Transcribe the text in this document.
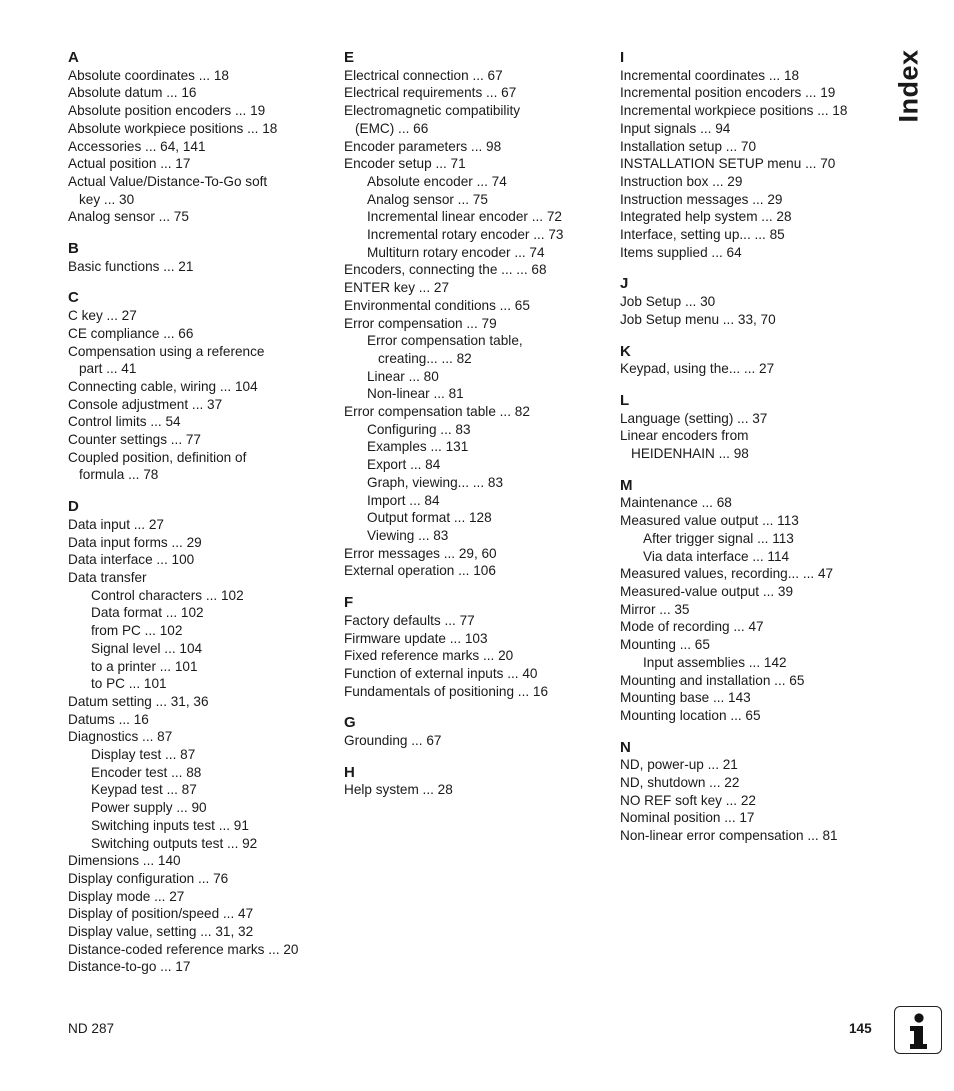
A
Absolute coordinates ... 18
Absolute datum ... 16
Absolute position encoders ... 19
Absolute workpiece positions ... 18
Accessories ... 64, 141
Actual position ... 17
Actual Value/Distance-To-Go soft
key ... 30
Analog sensor ... 75
B
Basic functions ... 21
C
C key ... 27
CE compliance ... 66
Compensation using a reference
part ... 41
Connecting cable, wiring ... 104
Console adjustment ... 37
Control limits ... 54
Counter settings ... 77
Coupled position, definition of
formula ... 78
D
Data input ... 27
Data input forms ... 29
Data interface ... 100
Data transfer
Control characters ... 102
Data format ... 102
from PC ... 102
Signal level ... 104
to a printer ... 101
to PC ... 101
Datum setting ... 31, 36
Datums ... 16
Diagnostics ... 87
Display test ... 87
Encoder test ... 88
Keypad test ... 87
Power supply ... 90
Switching inputs test ... 91
Switching outputs test ... 92
Dimensions ... 140
Display configuration ... 76
Display mode ... 27
Display of position/speed ... 47
Display value, setting ... 31, 32
Distance-coded reference marks ... 20
Distance-to-go ... 17
E
Electrical connection ... 67
Electrical requirements ... 67
Electromagnetic compatibility
(EMC) ... 66
Encoder parameters ... 98
Encoder setup ... 71
Absolute encoder ... 74
Analog sensor ... 75
Incremental linear encoder ... 72
Incremental rotary encoder ... 73
Multiturn rotary encoder ... 74
Encoders, connecting the ... ... 68
ENTER key ... 27
Environmental conditions ... 65
Error compensation ... 79
Error compensation table,
creating... ... 82
Linear ... 80
Non-linear ... 81
Error compensation table ... 82
Configuring ... 83
Examples ... 131
Export ... 84
Graph, viewing... ... 83
Import ... 84
Output format ... 128
Viewing ... 83
Error messages ... 29, 60
External operation ... 106
F
Factory defaults ... 77
Firmware update ... 103
Fixed reference marks ... 20
Function of external inputs ... 40
Fundamentals of positioning ... 16
G
Grounding ... 67
H
Help system ... 28
I
Incremental coordinates ... 18
Incremental position encoders ... 19
Incremental workpiece positions ... 18
Input signals ... 94
Installation setup ... 70
INSTALLATION SETUP menu ... 70
Instruction box ... 29
Instruction messages ... 29
Integrated help system ... 28
Interface, setting up... ... 85
Items supplied ... 64
J
Job Setup ... 30
Job Setup menu ... 33, 70
K
Keypad, using the... ... 27
L
Language (setting) ... 37
Linear encoders from
HEIDENHAIN ... 98
M
Maintenance ... 68
Measured value output ... 113
After trigger signal ... 113
Via data interface ... 114
Measured values, recording... ... 47
Measured-value output ... 39
Mirror ... 35
Mode of recording ... 47
Mounting ... 65
Input assemblies ... 142
Mounting and installation ... 65
Mounting base ... 143
Mounting location ... 65
N
ND, power-up ... 21
ND, shutdown ... 22
NO REF soft key ... 22
Nominal position ... 17
Non-linear error compensation ... 81
Index
ND 287	145
